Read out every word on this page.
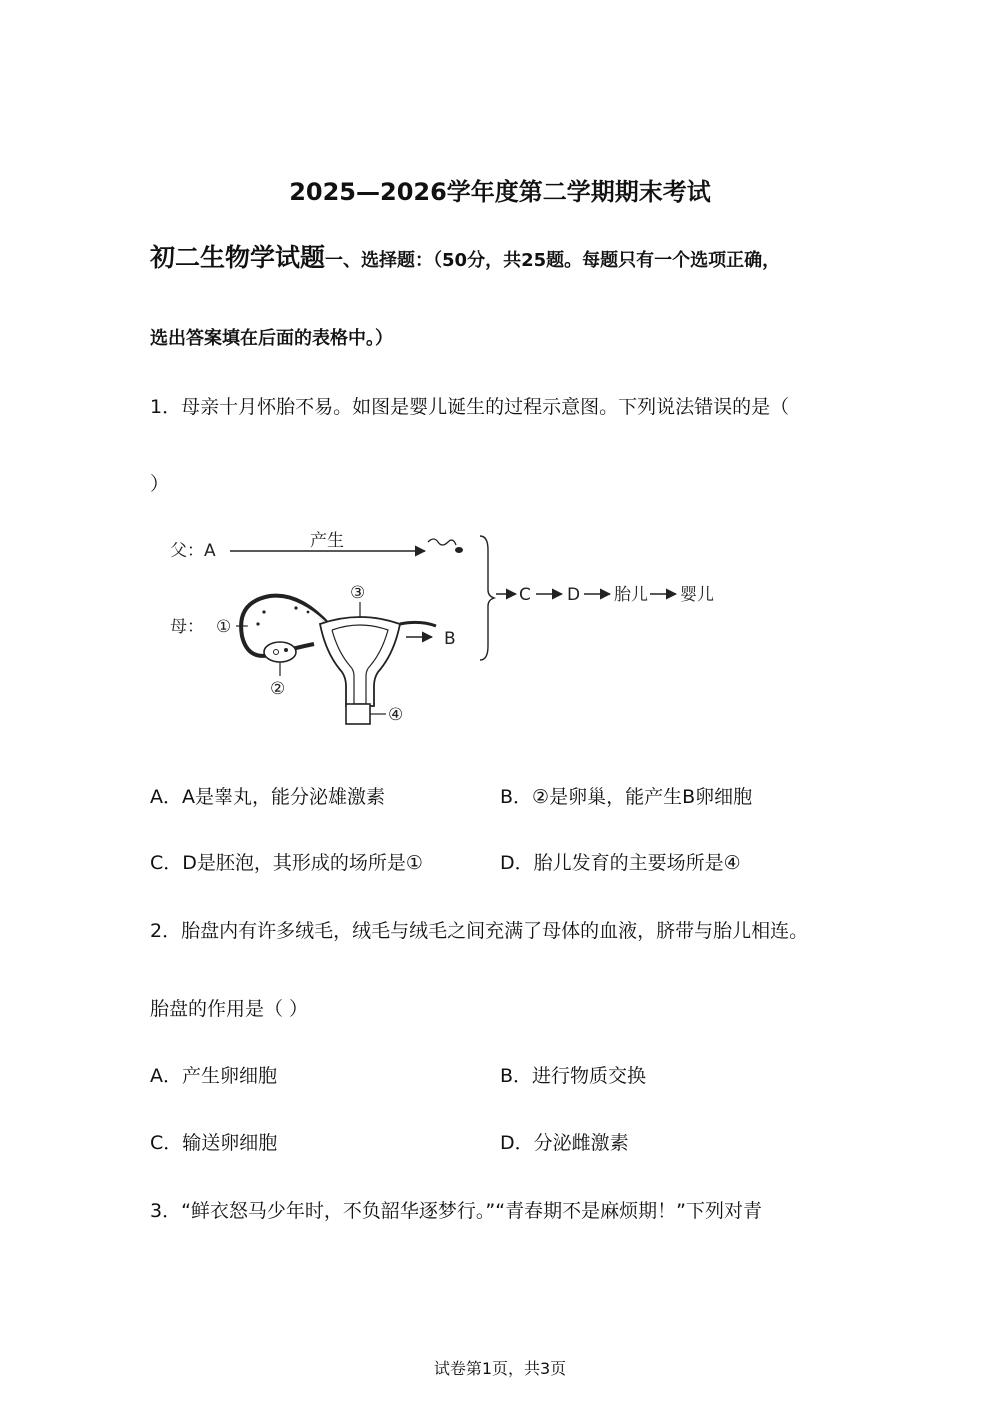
2025—2026学年度第二学期期末考试
初二生物学试题一、选择题：（50分，共25题。每题只有一个选项正确，
选出答案填在后面的表格中。）
1．母亲十月怀胎不易。如图是婴儿诞生的过程示意图。下列说法错误的是（
）
父：A	产生
C D 胎儿 婴儿
母： ①
②
B
③
④
A．A是睾丸，能分泌雄激素	B．②是卵巢，能产生B卵细胞
C．D是胚泡，其形成的场所是①	D．胎儿发育的主要场所是④
2．胎盘内有许多绒毛，绒毛与绒毛之间充满了母体的血液，脐带与胎儿相连。
胎盘的作用是（ ）
A．产生卵细胞	B．进行物质交换
C．输送卵细胞	D．分泌雌激素
3．“鲜衣怒马少年时，不负韶华逐梦行。”“青春期不是麻烦期！”下列对青
试卷第1页，共3页
